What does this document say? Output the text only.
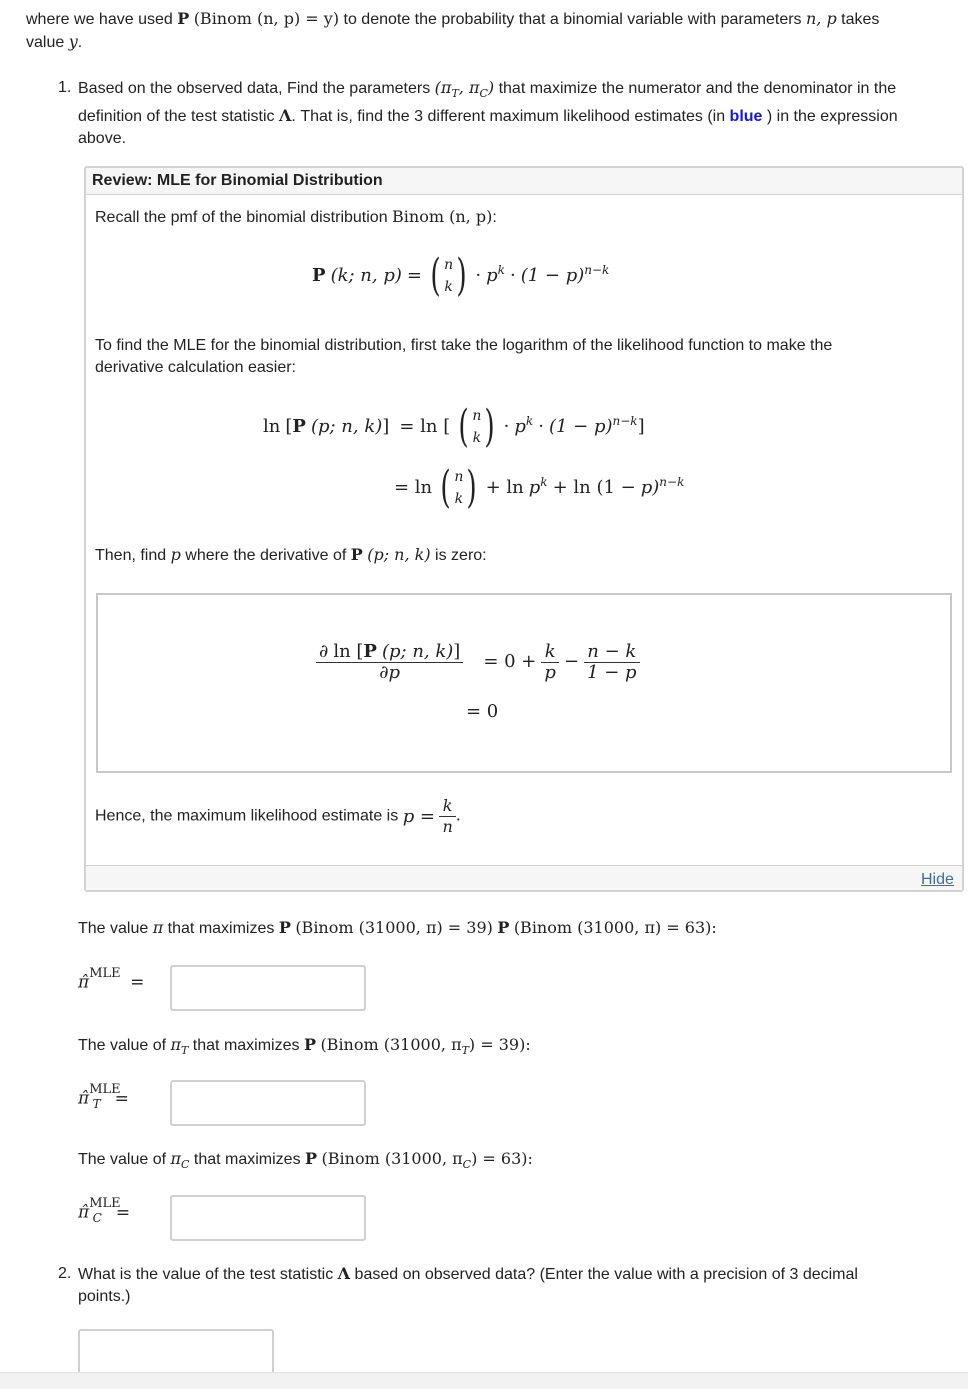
where we have used P (Binom (n, p) = y) to denote the probability that a binomial variable with parameters n, p takes
value y.
1. Based on the observed data, Find the parameters ($\pi_T$, $\pi_C$) that maximize the numerator and the denominator in the
definition of the test statistic Λ. That is, find the 3 different maximum likelihood estimates (in blue ) in the expression
above.
Review: MLE for Binomial Distribution
Recall the pmf of the binomial distribution Binom (n, p):
P (k; n, p) = ( n
k ) · $p^k \cdot (1 - p)^{n-k}$
To find the MLE for the binomial distribution, first take the logarithm of the likelihood function to make the
derivative calculation easier:
ln [P (p; n, k)] = ln [ ( n
k ) · $p^k \cdot (1 - p)^{n-k}$]
= ln ( n
k ) + $\ln p^k + \ln (1 - p)^{n-k}$
Then, find p where the derivative of P (p; n, k) is zero:
$\frac{\partial \ln [P (p; n, k)]}{\partial p} = 0 + \frac{k}{p} - \frac{n - k}{1 - p}$
= 0
Hence, the maximum likelihood estimate is $p = \frac{k}{n}$ .
Hide
The value π that maximizes P (Binom (31000, π) = 39) P (Binom (31000, π) = 63):
π̂$^{MLE}$ =
The value of $\pi_T$ that maximizes P (Binom (31000, $\pi_T) = 39$):
π̂$^{MLE}_T$ =
The value of $\pi_C$ that maximizes P (Binom (31000, $\pi_C) = 63$):
π̂$^{MLE}_C$ =
2. What is the value of the test statistic Λ based on observed data? (Enter the value with a precision of 3 decimal
points.)
